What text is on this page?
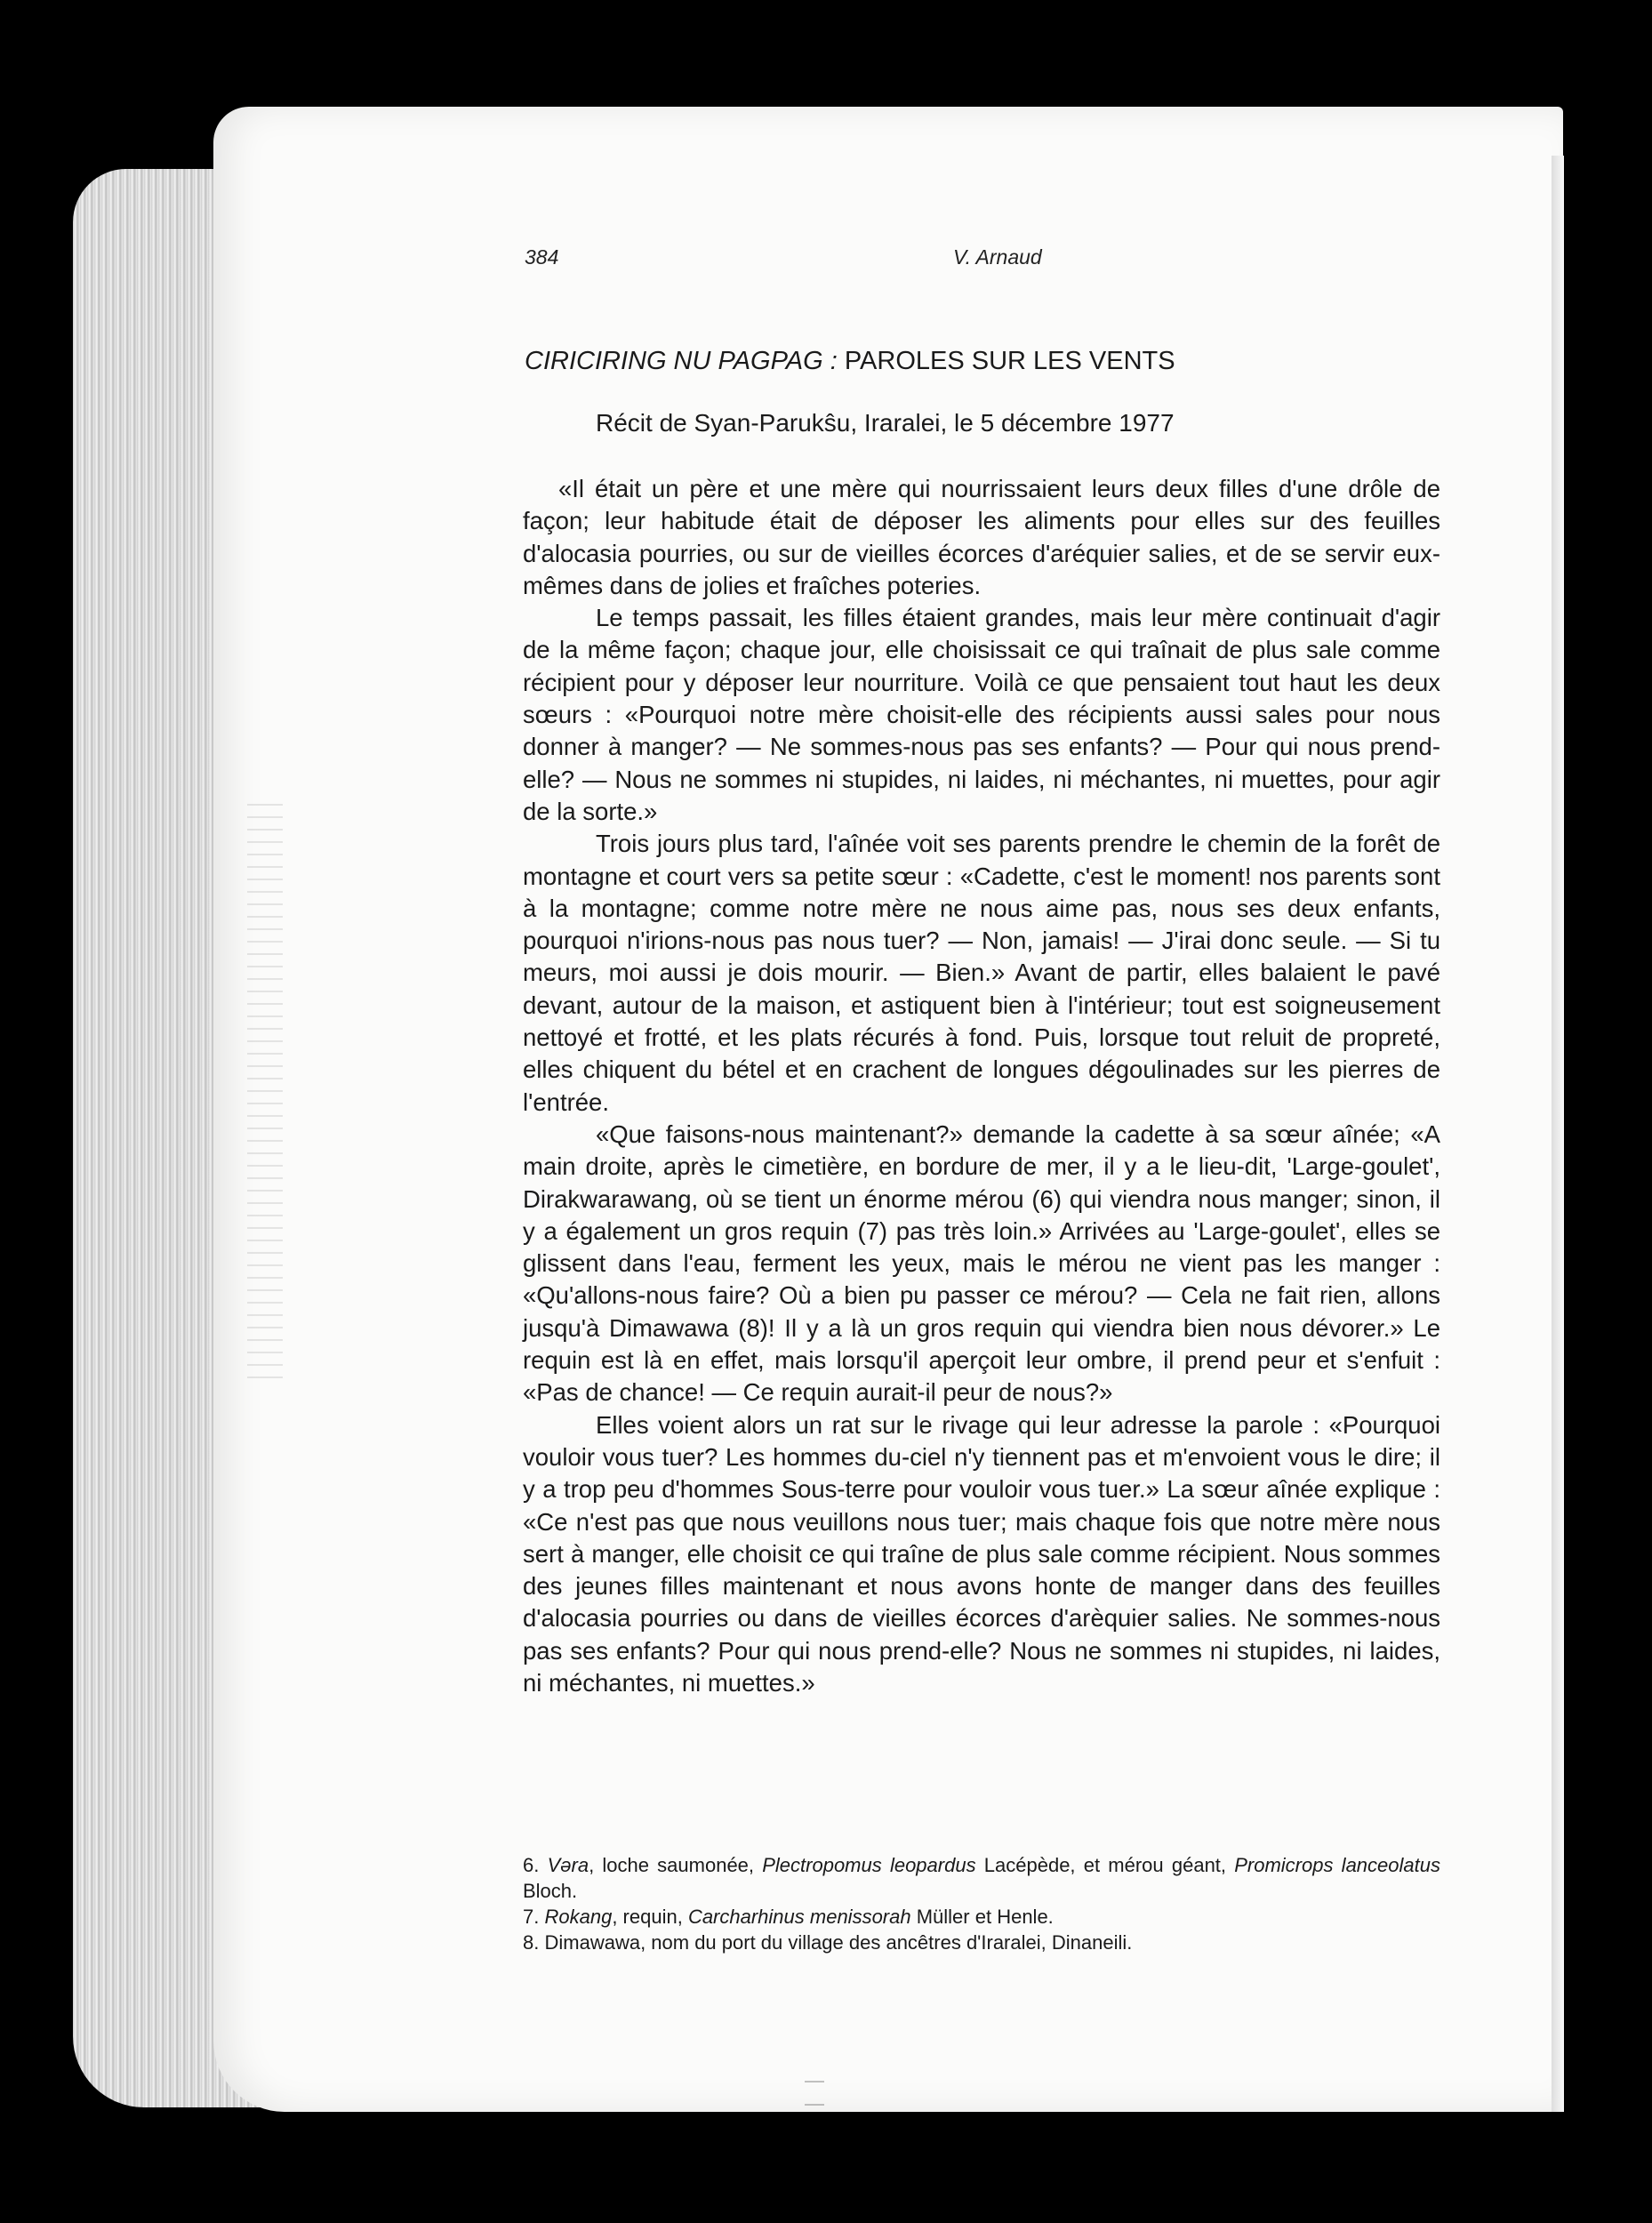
384	V. Arnaud
CIRICIRING NU PAGPAG : PAROLES SUR LES VENTS
Récit de Syan-Parukŝu, Iraralei, le 5 décembre 1977

«Il était un père et une mère qui nourrissaient leurs deux filles d'une drôle de façon; leur habitude était de déposer les aliments pour elles sur des feuilles d'alocasia pourries, ou sur de vieilles écorces d'aréquier salies, et de se servir eux-mêmes dans de jolies et fraîches poteries.

Le temps passait, les filles étaient grandes, mais leur mère continuait d'agir de la même façon; chaque jour, elle choisissait ce qui traînait de plus sale comme récipient pour y déposer leur nourriture. Voilà ce que pensaient tout haut les deux sœurs : «Pourquoi notre mère choisit-elle des récipients aussi sales pour nous donner à manger? — Ne sommes-nous pas ses enfants? — Pour qui nous prend-elle? — Nous ne sommes ni stupides, ni laides, ni méchantes, ni muettes, pour agir de la sorte.»

Trois jours plus tard, l'aînée voit ses parents prendre le chemin de la forêt de montagne et court vers sa petite sœur : «Cadette, c'est le moment! nos parents sont à la montagne; comme notre mère ne nous aime pas, nous ses deux enfants, pourquoi n'irions-nous pas nous tuer? — Non, jamais! — J'irai donc seule. — Si tu meurs, moi aussi je dois mourir. — Bien.» Avant de partir, elles balaient le pavé devant, autour de la maison, et astiquent bien à l'intérieur; tout est soigneusement nettoyé et frotté, et les plats récurés à fond. Puis, lorsque tout reluit de propreté, elles chiquent du bétel et en crachent de longues dégoulinades sur les pierres de l'entrée.

«Que faisons-nous maintenant?» demande la cadette à sa sœur aînée; «A main droite, après le cimetière, en bordure de mer, il y a le lieu-dit, 'Large-goulet', Dirakwarawang, où se tient un énorme mérou (6) qui viendra nous manger; sinon, il y a également un gros requin (7) pas très loin.» Arrivées au 'Large-goulet', elles se glissent dans l'eau, ferment les yeux, mais le mérou ne vient pas les manger : «Qu'allons-nous faire? Où a bien pu passer ce mérou? — Cela ne fait rien, allons jusqu'à Dimawawa (8)! Il y a là un gros requin qui viendra bien nous dévorer.» Le requin est là en effet, mais lorsqu'il aperçoit leur ombre, il prend peur et s'enfuit : «Pas de chance! — Ce requin aurait-il peur de nous?»

Elles voient alors un rat sur le rivage qui leur adresse la parole : «Pourquoi vouloir vous tuer? Les hommes du-ciel n'y tiennent pas et m'envoient vous le dire; il y a trop peu d'hommes Sous-terre pour vouloir vous tuer.» La sœur aînée explique : «Ce n'est pas que nous veuillons nous tuer; mais chaque fois que notre mère nous sert à manger, elle choisit ce qui traîne de plus sale comme récipient. Nous sommes des jeunes filles maintenant et nous avons honte de manger dans des feuilles d'alocasia pourries ou dans de vieilles écorces d'arèquier salies. Ne sommes-nous pas ses enfants? Pour qui nous prend-elle? Nous ne sommes ni stupides, ni laides, ni méchantes, ni muettes.»

6. Vəra, loche saumonée, Plectropomus leopardus Lacépède, et mérou géant, Promicrops lanceolatus Bloch.
7. Rokang, requin, Carcharhinus menissorah Müller et Henle.
8. Dimawawa, nom du port du village des ancêtres d'Iraralei, Dinaneili.
